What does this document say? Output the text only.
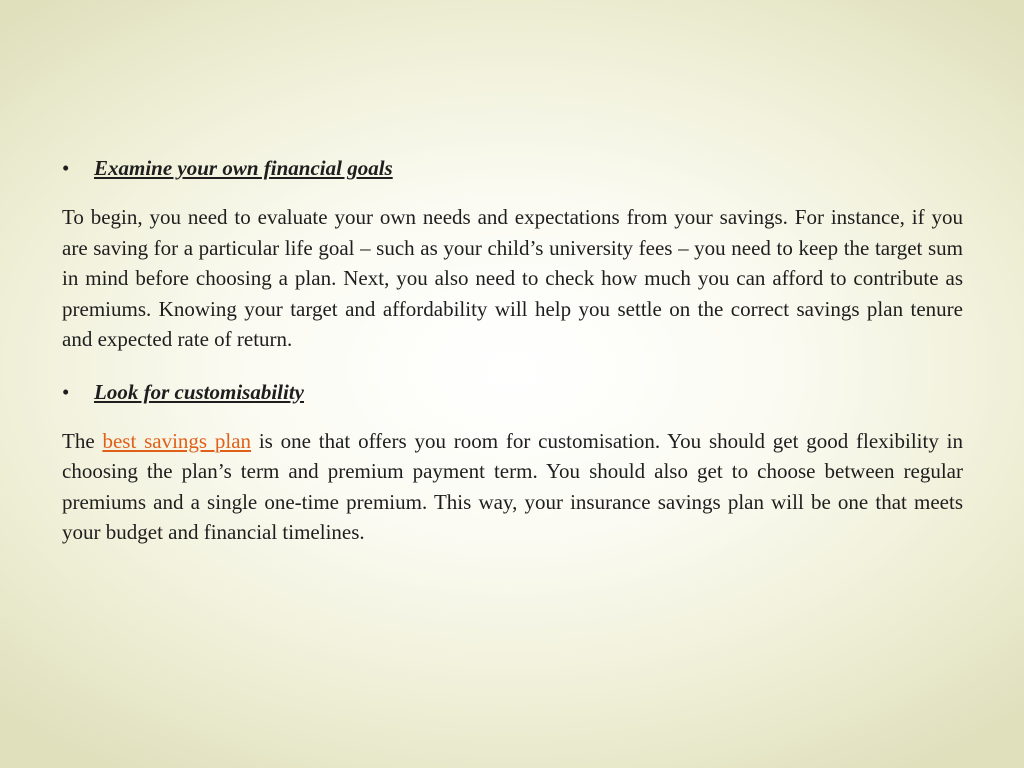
•	Examine your own financial goals

To begin, you need to evaluate your own needs and expectations from your savings. For instance, if you are saving for a particular life goal – such as your child’s university fees – you need to keep the target sum in mind before choosing a plan. Next, you also need to check how much you can afford to contribute as premiums. Knowing your target and affordability will help you settle on the correct savings plan tenure and expected rate of return.

•	Look for customisability

The best savings plan is one that offers you room for customisation. You should get good flexibility in choosing the plan’s term and premium payment term. You should also get to choose between regular premiums and a single one-time premium. This way, your insurance savings plan will be one that meets your budget and financial timelines.
